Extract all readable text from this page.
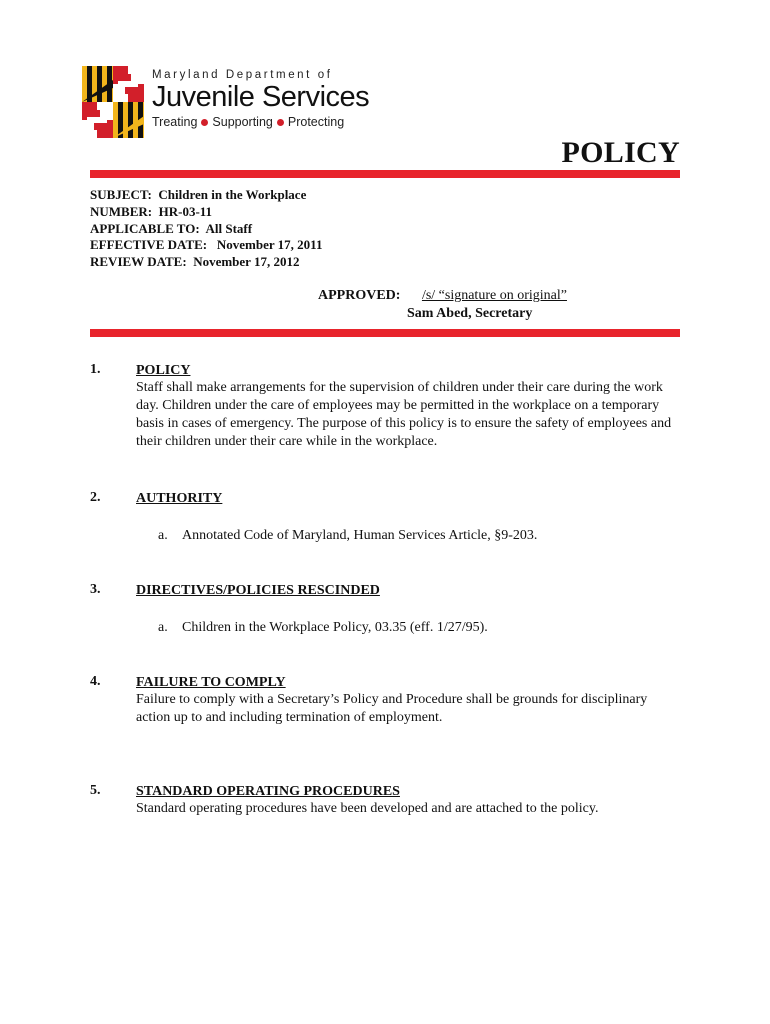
Maryland Department of
Juvenile Services
Treating Supporting Protecting
POLICY
SUBJECT: Children in the Workplace
NUMBER: HR-03-11
APPLICABLE TO: All Staff
EFFECTIVE DATE: November 17, 2011
REVIEW DATE: November 17, 2012
APPROVED: /s/ “signature on original”
Sam Abed, Secretary
1.	POLICY

Staff shall make arrangements for the supervision of children under their care during the work day. Children under the care of employees may be permitted in the workplace on a temporary basis in cases of emergency. The purpose of this policy is to ensure the safety of employees and their children under their care while in the workplace.

2.	AUTHORITY
a. Annotated Code of Maryland, Human Services Article, §9-203.
3.	DIRECTIVES/POLICIES RESCINDED
a. Children in the Workplace Policy, 03.35 (eff. 1/27/95).
4.	FAILURE TO COMPLY

Failure to comply with a Secretary’s Policy and Procedure shall be grounds for disciplinary action up to and including termination of employment.

5.	STANDARD OPERATING PROCEDURES

Standard operating procedures have been developed and are attached to the policy.
